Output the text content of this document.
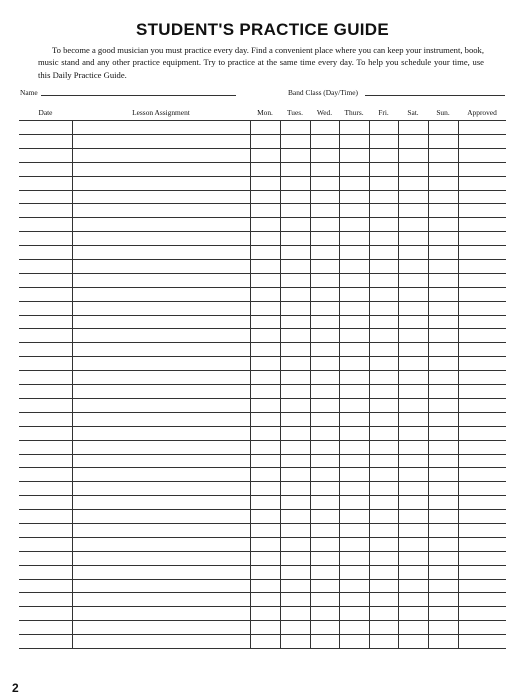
STUDENT'S PRACTICE GUIDE
To become a good musician you must practice every day. Find a convenient place where you can keep your instrument, book, music stand and any other practice equipment. Try to practice at the same time every day. To help you schedule your time, use this Daily Practice Guide.
Name	Band Class (Day/Time)
Date	Lesson Assignment	Mon.	Tues.	Wed.	Thurs.	Fri.	Sat.	Sun.	Approved
2
